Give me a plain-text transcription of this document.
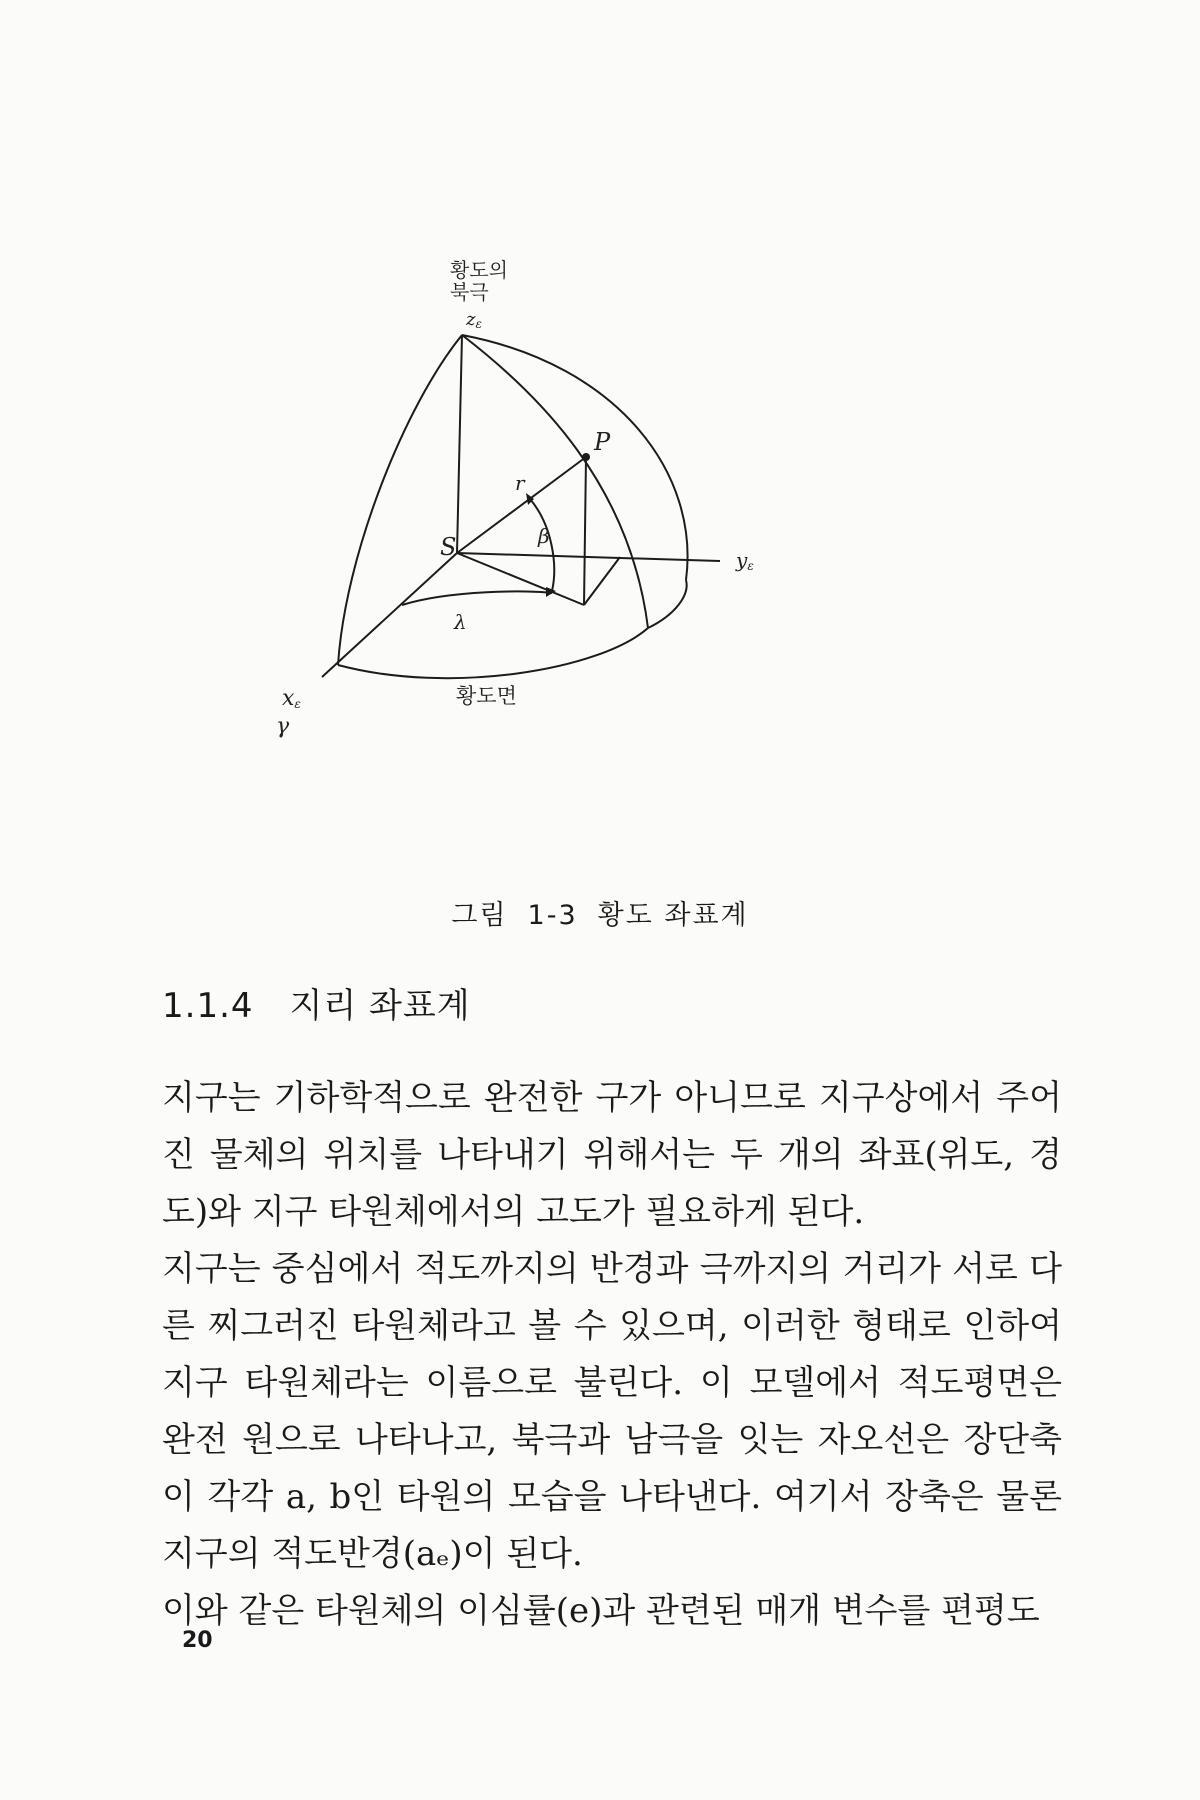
황도의
북극
zε
yε
xε
γ
P
S
r
β
λ
황도면
그림 1-3 황도 좌표계
1.1.4 지리 좌표계

지구는 기하학적으로 완전한 구가 아니므로 지구상에서 주어진 물체의 위치를 나타내기 위해서는 두 개의 좌표(위도, 경도)와 지구 타원체에서의 고도가 필요하게 된다.

지구는 중심에서 적도까지의 반경과 극까지의 거리가 서로 다른 찌그러진 타원체라고 볼 수 있으며, 이러한 형태로 인하여 지구 타원체라는 이름으로 불린다. 이 모델에서 적도평면은 완전 원으로 나타나고, 북극과 남극을 잇는 자오선은 장단축이 각각 a, b인 타원의 모습을 나타낸다. 여기서 장축은 물론 지구의 적도반경(aₑ)이 된다.

이와 같은 타원체의 이심률(e)과 관련된 매개 변수를 편평도

20
